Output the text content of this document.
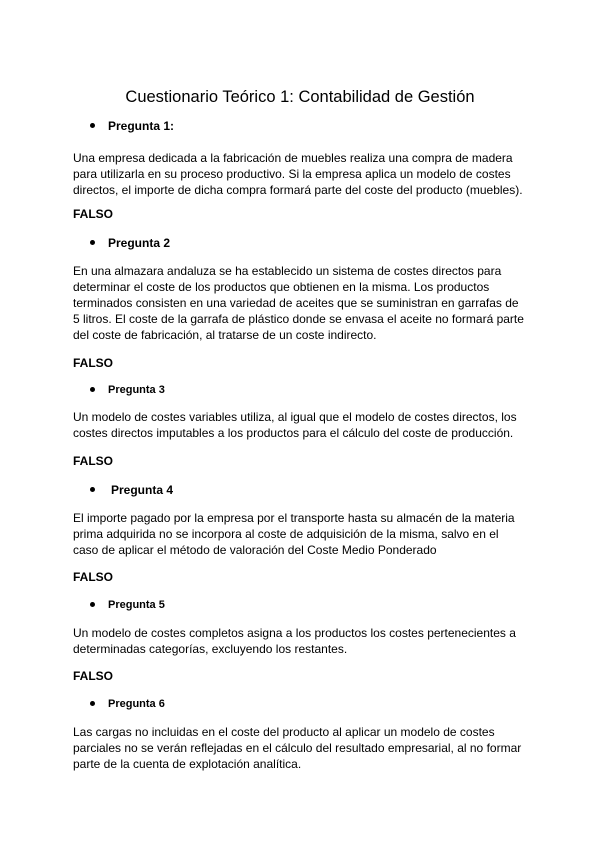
Cuestionario Teórico 1: Contabilidad de Gestión
Pregunta 1:
Una empresa dedicada a la fabricación de muebles realiza una compra de madera
para utilizarla en su proceso productivo. Si la empresa aplica un modelo de costes
directos, el importe de dicha compra formará parte del coste del producto (muebles).
FALSO
Pregunta 2
En una almazara andaluza se ha establecido un sistema de costes directos para
determinar el coste de los productos que obtienen en la misma. Los productos
terminados consisten en una variedad de aceites que se suministran en garrafas de
5 litros. El coste de la garrafa de plástico donde se envasa el aceite no formará parte
del coste de fabricación, al tratarse de un coste indirecto.
FALSO
Pregunta 3
Un modelo de costes variables utiliza, al igual que el modelo de costes directos, los
costes directos imputables a los productos para el cálculo del coste de producción.
FALSO
Pregunta 4
El importe pagado por la empresa por el transporte hasta su almacén de la materia
prima adquirida no se incorpora al coste de adquisición de la misma, salvo en el
caso de aplicar el método de valoración del Coste Medio Ponderado
FALSO
Pregunta 5
Un modelo de costes completos asigna a los productos los costes pertenecientes a
determinadas categorías, excluyendo los restantes.
FALSO
Pregunta 6
Las cargas no incluidas en el coste del producto al aplicar un modelo de costes
parciales no se verán reflejadas en el cálculo del resultado empresarial, al no formar
parte de la cuenta de explotación analítica.
